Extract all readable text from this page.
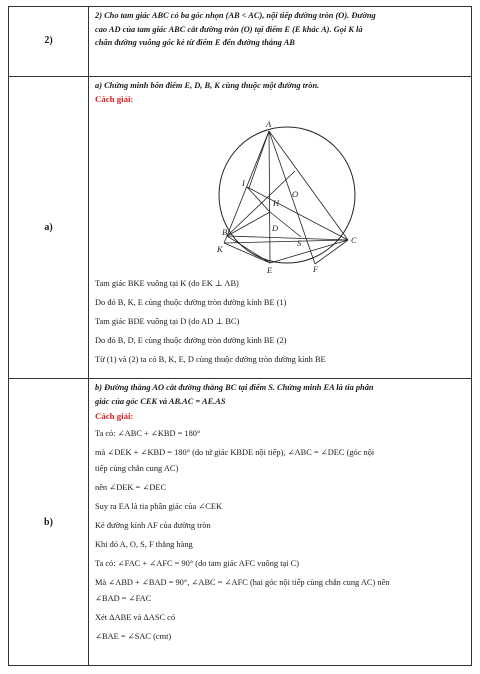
2)
2) Cho tam giác ABC có ba góc nhọn (AB < AC), nội tiếp đường tròn (O). Đường
cao AD của tam giác ABC cắt đường tròn (O) tại điểm E (E khác A). Gọi K là
chân đường vuông góc kẻ từ điểm E đến đường thẳng AB
a)
a) Chứng minh bốn điểm E, D, B, K cùng thuộc một đường tròn.
Cách giải:
A
I
H
O
B	D
S	C
K
E	F
Tam giác BKE vuông tại K (do EK ⊥ AB)
Do đó B, K, E cùng thuộc đường tròn đường kính BE (1)
Tam giác BDE vuông tại D (do AD ⊥ BC)
Do đó B, D, E cùng thuộc đường tròn đường kính BE (2)
Từ (1) và (2) ta có B, K, E, D cùng thuộc đường tròn đường kính BE
b)
b) Đường thẳng AO cắt đường thẳng BC tại điểm S. Chứng minh EA là tia phân
giác của góc CEK và AB.AC = AE.AS
Cách giải:
Ta có: ∠ABC + ∠KBD = 180°
mà ∠DEK + ∠KBD = 180° (do tứ giác KBDE nội tiếp), ∠ABC = ∠DEC (góc nội
tiếp cùng chắn cung AC)
nên ∠DEK = ∠DEC
Suy ra EA là tia phân giác của ∠CEK
Kẻ đường kính AF của đường tròn
Khi đó A, O, S, F thẳng hàng
Ta có: ∠FAC + ∠AFC = 90° (do tam giác AFC vuông tại C)
Mà ∠ABD + ∠BAD = 90°, ∠ABC = ∠AFC (hai góc nội tiếp cùng chắn cung AC) nên
∠BAD = ∠FAC
Xét ΔABE và ΔASC có
∠BAE = ∠SAC (cmt)
